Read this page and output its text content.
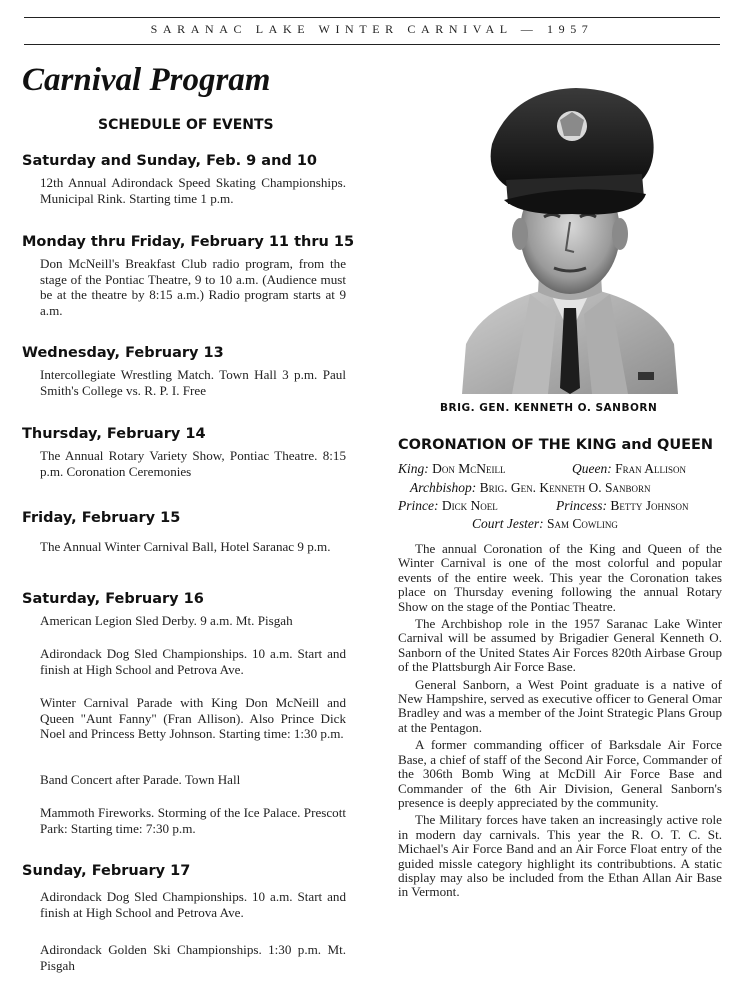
SARANAC LAKE WINTER CARNIVAL — 1957
Carnival Program
SCHEDULE OF EVENTS
Saturday and Sunday, Feb. 9 and 10

12th Annual Adirondack Speed Skating Championships. Municipal Rink. Starting time 1 p.m.

Monday thru Friday, February 11 thru 15

Don McNeill's Breakfast Club radio program, from the stage of the Pontiac Theatre, 9 to 10 a.m. (Audience must be at the theatre by 8:15 a.m.) Radio program starts at 9 a.m.

Wednesday, February 13

Intercollegiate Wrestling Match. Town Hall 3 p.m. Paul Smith's College vs. R. P. I. Free

Thursday, February 14

The Annual Rotary Variety Show, Pontiac Theatre. 8:15 p.m. Coronation Ceremonies

Friday, February 15

The Annual Winter Carnival Ball, Hotel Saranac 9 p.m.

Saturday, February 16

American Legion Sled Derby. 9 a.m. Mt. Pisgah

Adirondack Dog Sled Championships. 10 a.m. Start and finish at High School and Petrova Ave.

Winter Carnival Parade with King Don McNeill and Queen "Aunt Fanny" (Fran Allison). Also Prince Dick Noel and Princess Betty Johnson. Starting time: 1:30 p.m.

Band Concert after Parade. Town Hall

Mammoth Fireworks. Storming of the Ice Palace. Prescott Park: Starting time: 7:30 p.m.

Sunday, February 17

Adirondack Dog Sled Championships. 10 a.m. Start and finish at High School and Petrova Ave.

Adirondack Golden Ski Championships. 1:30 p.m. Mt. Pisgah

BRIG. GEN. KENNETH O. SANBORN
CORONATION OF THE KING and QUEEN
King: Don McNeill	Queen: Fran Allison
Archbishop: Brig. Gen. Kenneth O. Sanborn
Prince: Dick Noel	Princess: Betty Johnson
Court Jester: Sam Cowling

The annual Coronation of the King and Queen of the Winter Carnival is one of the most colorful and popular events of the entire week. This year the Coronation takes place on Thursday evening following the annual Rotary Show on the stage of the Pontiac Theatre.

The Archbishop role in the 1957 Saranac Lake Winter Carnival will be assumed by Brigadier General Kenneth O. Sanborn of the United States Air Forces 820th Airbase Group of the Plattsburgh Air Force Base.

General Sanborn, a West Point graduate is a native of New Hampshire, served as executive officer to General Omar Bradley and was a member of the Joint Strategic Plans Group at the Pentagon.

A former commanding officer of Barksdale Air Force Base, a chief of staff of the Second Air Force, Commander of the 306th Bomb Wing at McDill Air Force Base and Commander of the 6th Air Division, General Sanborn's presence is deeply appreciated by the community.

The Military forces have taken an increasingly active role in modern day carnivals. This year the R. O. T. C. St. Michael's Air Force Band and an Air Force Float entry of the guided missle category highlight its contribubtions. A static display may also be included from the Ethan Allan Air Base in Vermont.
